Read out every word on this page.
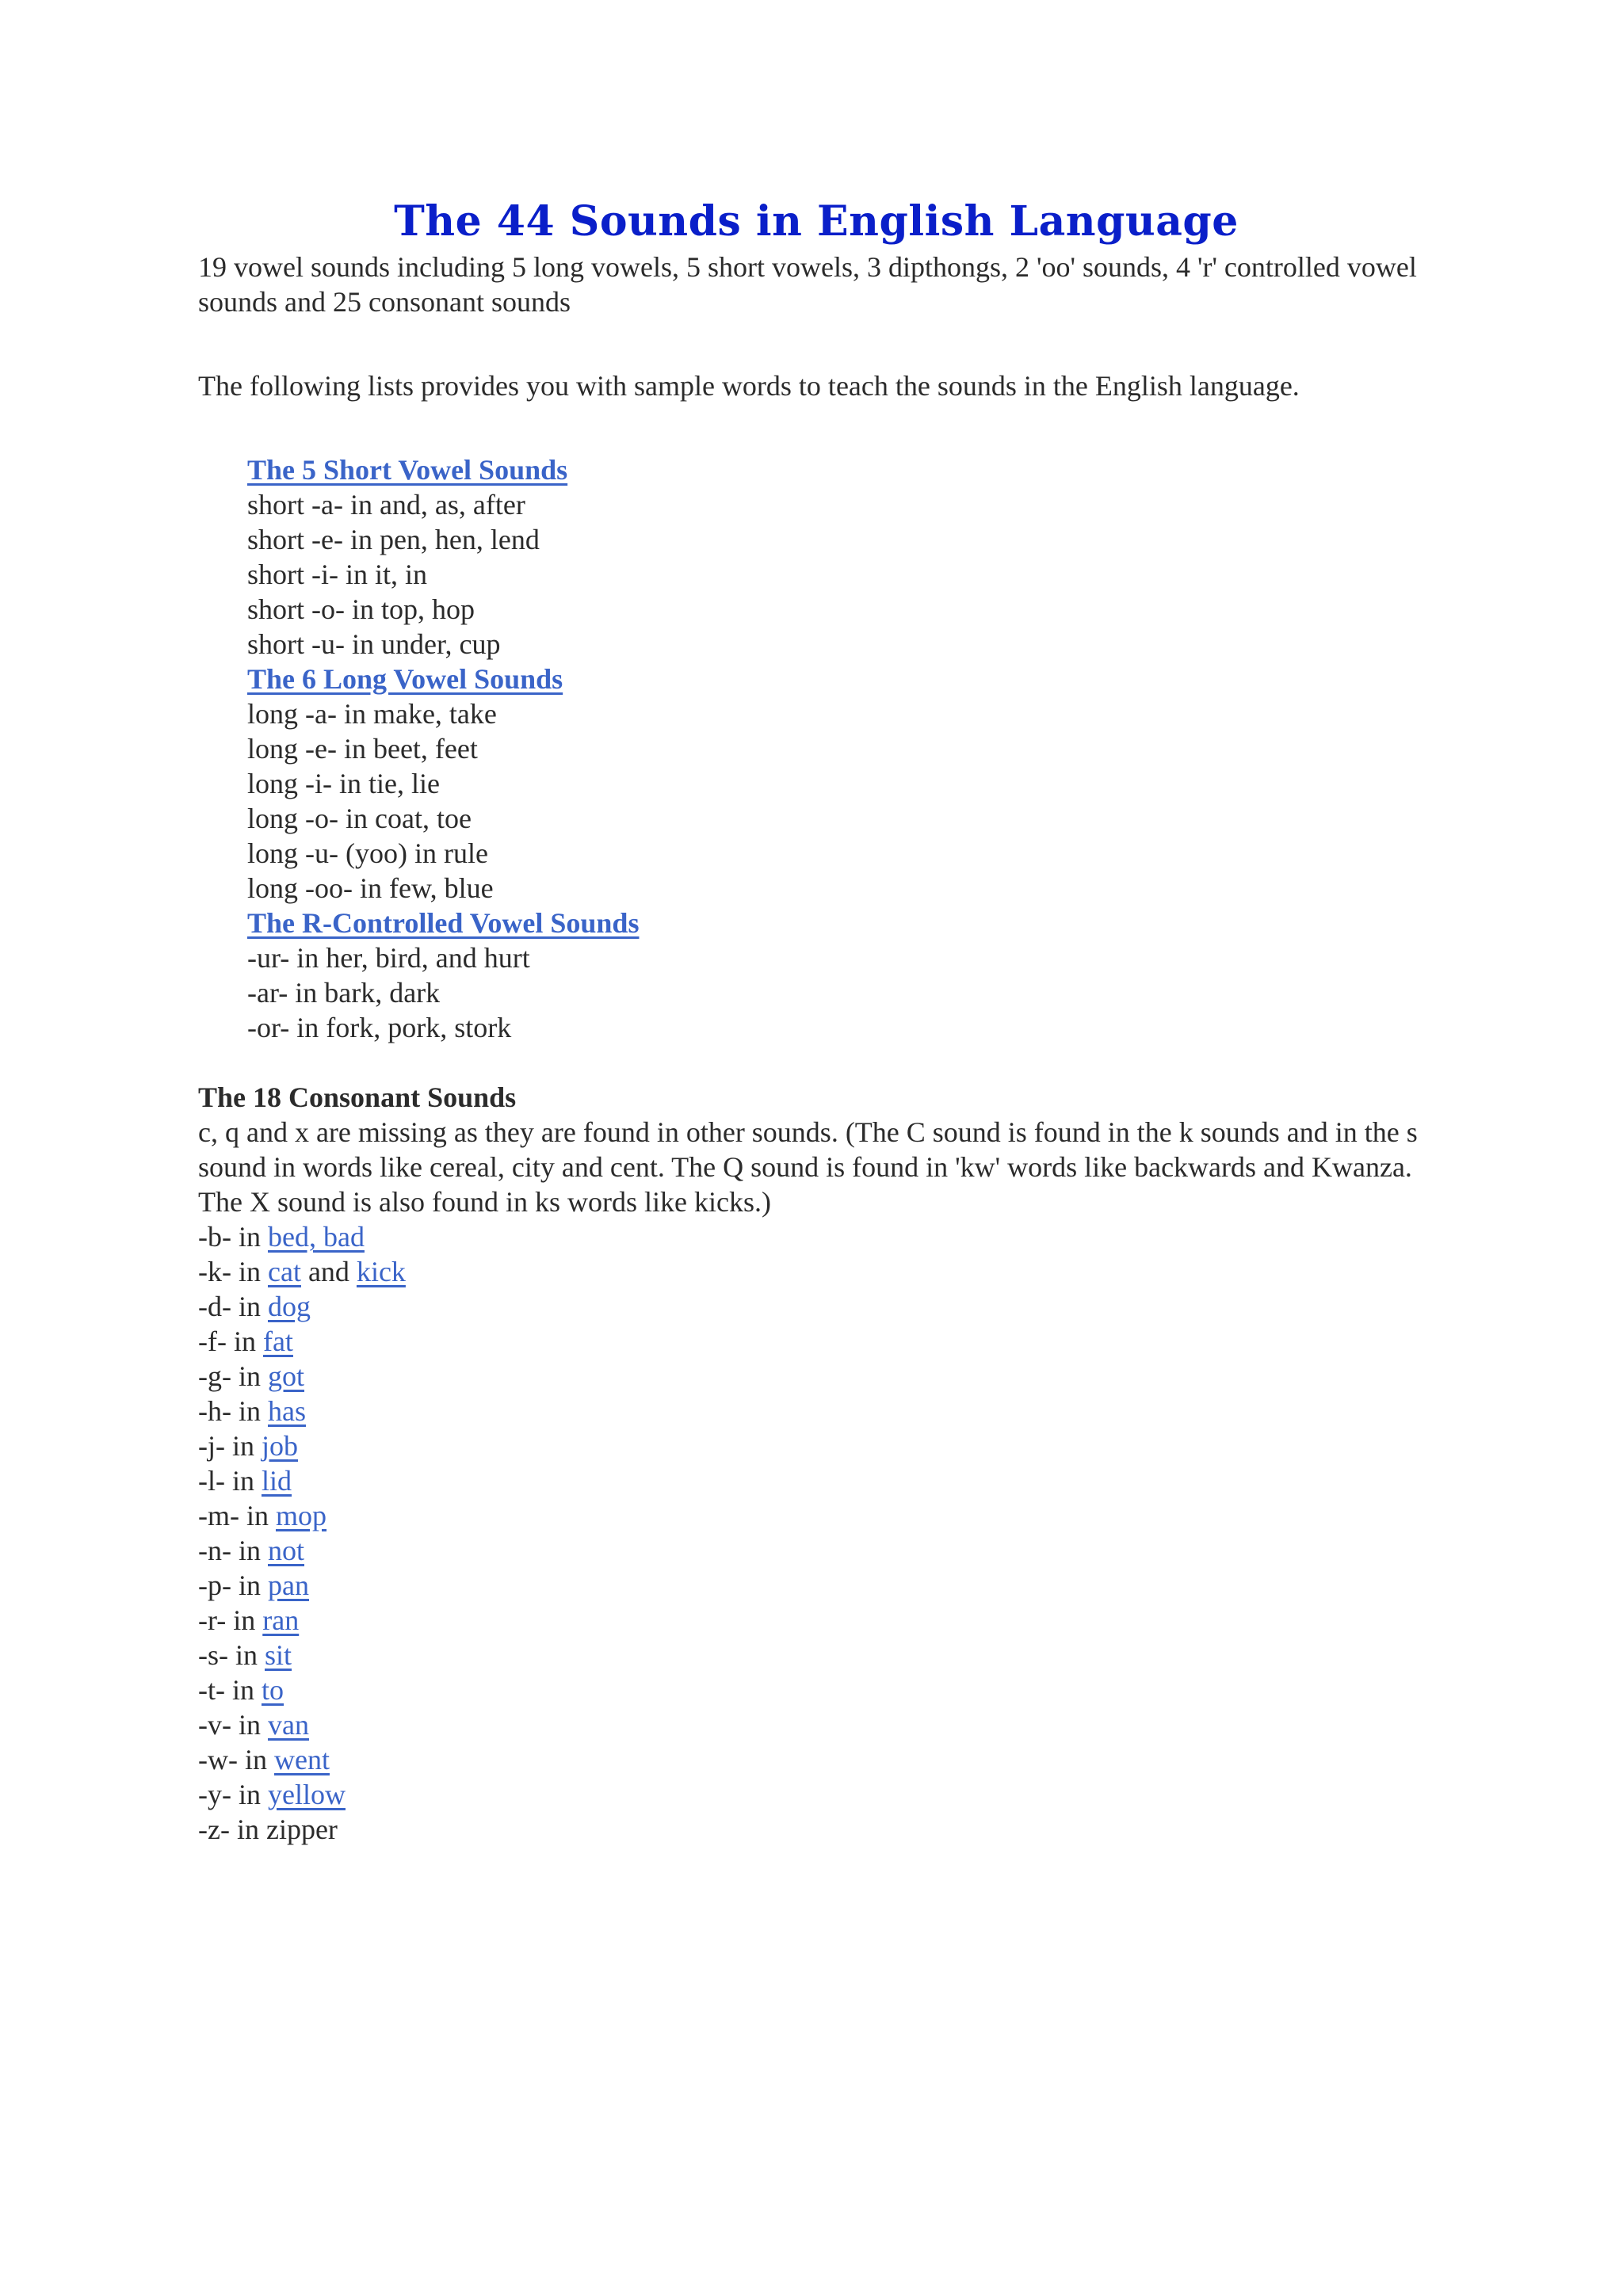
The 44 Sounds in English Language

19 vowel sounds including 5 long vowels, 5 short vowels, 3 dipthongs, 2 'oo' sounds, 4 'r' controlled vowel sounds and 25 consonant sounds

The following lists provides you with sample words to teach the sounds in the English language.

The 5 Short Vowel Sounds
short -a- in and, as, after
short -e- in pen, hen, lend
short -i- in it, in
short -o- in top, hop
short -u- in under, cup
The 6 Long Vowel Sounds
long -a- in make, take
long -e- in beet, feet
long -i- in tie, lie
long -o- in coat, toe
long -u- (yoo) in rule
long -oo- in few, blue
The R-Controlled Vowel Sounds
-ur- in her, bird, and hurt
-ar- in bark, dark
-or- in fork, pork, stork
The 18 Consonant Sounds

c, q and x are missing as they are found in other sounds. (The C sound is found in the k sounds and in the s sound in words like cereal, city and cent. The Q sound is found in 'kw' words like backwards and Kwanza. The X sound is also found in ks words like kicks.)

-b- in bed, bad
-k- in cat and kick
-d- in dog
-f- in fat
-g- in got
-h- in has
-j- in job
-l- in lid
-m- in mop
-n- in not
-p- in pan
-r- in ran
-s- in sit
-t- in to
-v- in van
-w- in went
-y- in yellow
-z- in zipper
